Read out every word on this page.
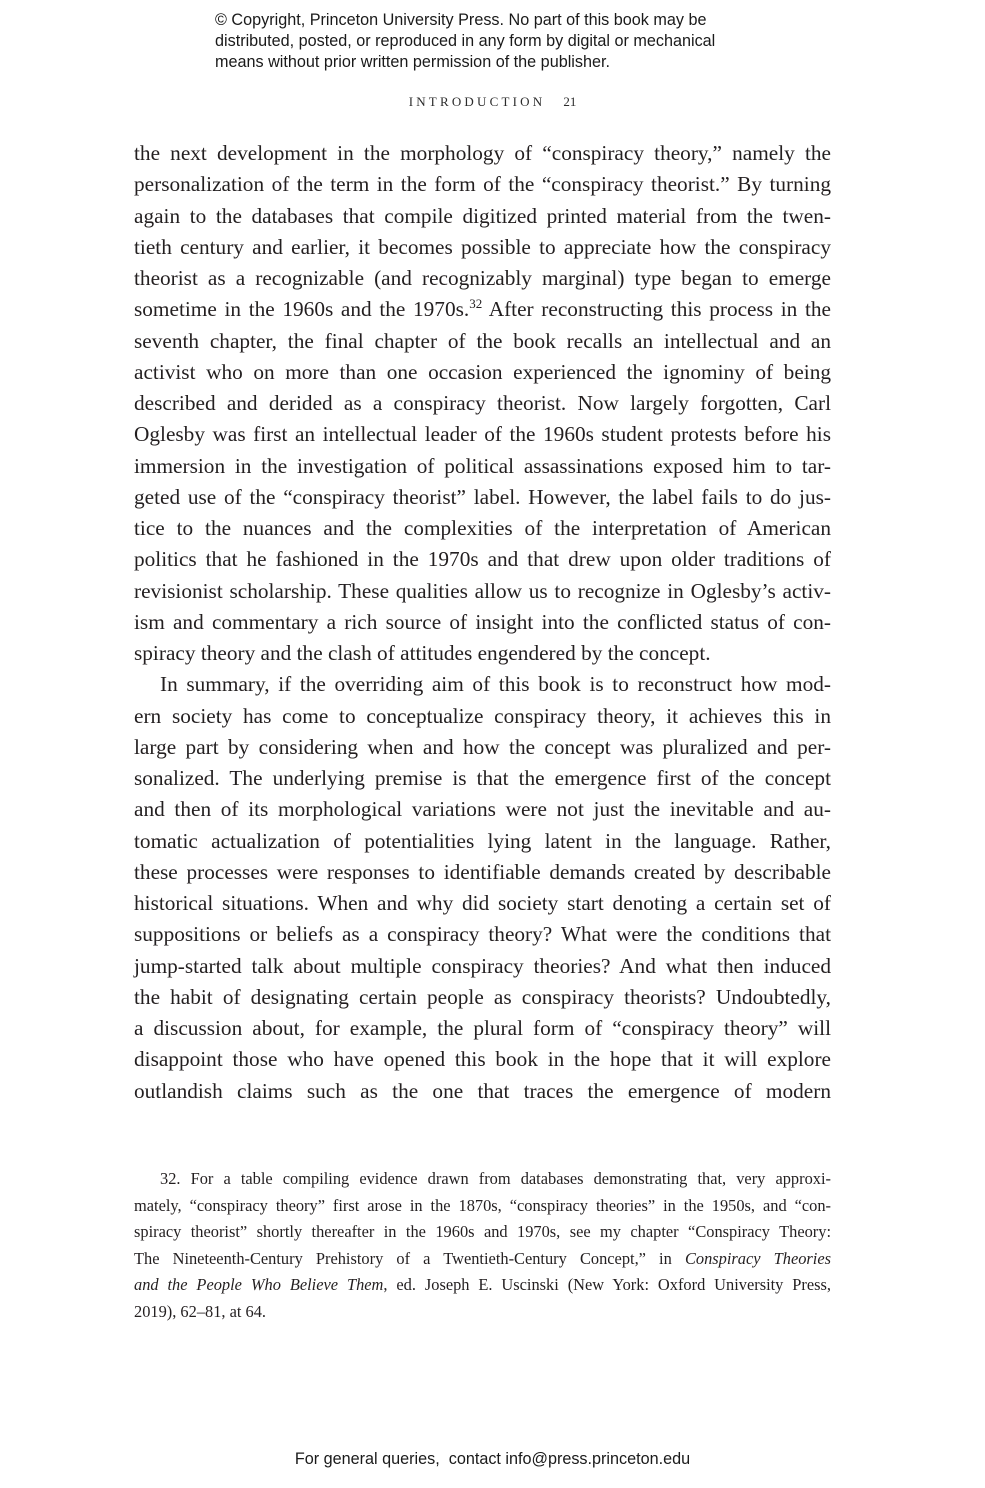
© Copyright, Princeton University Press. No part of this book may be
distributed, posted, or reproduced in any form by digital or mechanical
means without prior written permission of the publisher.
INTRODUCTION 21
the next development in the morphology of “conspiracy theory,” namely the
personalization of the term in the form of the “conspiracy theorist.” By turning
again to the databases that compile digitized printed material from the twen-
tieth century and earlier, it becomes possible to appreciate how the conspiracy
theorist as a recognizable (and recognizably marginal) type began to emerge
sometime in the 1960s and the 1970s.$^{32}$ After reconstructing this process in the
seventh chapter, the final chapter of the book recalls an intellectual and an
activist who on more than one occasion experienced the ignominy of being
described and derided as a conspiracy theorist. Now largely forgotten, Carl
Oglesby was first an intellectual leader of the 1960s student protests before his
immersion in the investigation of political assassinations exposed him to tar-
geted use of the “conspiracy theorist” label. However, the label fails to do jus-
tice to the nuances and the complexities of the interpretation of American
politics that he fashioned in the 1970s and that drew upon older traditions of
revisionist scholarship. These qualities allow us to recognize in Oglesby’s activ-
ism and commentary a rich source of insight into the conflicted status of con-
spiracy theory and the clash of attitudes engendered by the concept.
In summary, if the overriding aim of this book is to reconstruct how mod-
ern society has come to conceptualize conspiracy theory, it achieves this in
large part by considering when and how the concept was pluralized and per-
sonalized. The underlying premise is that the emergence first of the concept
and then of its morphological variations were not just the inevitable and au-
tomatic actualization of potentialities lying latent in the language. Rather,
these processes were responses to identifiable demands created by describable
historical situations. When and why did society start denoting a certain set of
suppositions or beliefs as a conspiracy theory? What were the conditions that
jump-started talk about multiple conspiracy theories? And what then induced
the habit of designating certain people as conspiracy theorists? Undoubtedly,
a discussion about, for example, the plural form of “conspiracy theory” will
disappoint those who have opened this book in the hope that it will explore
outlandish claims such as the one that traces the emergence of modern
32. For a table compiling evidence drawn from databases demonstrating that, very approxi-
mately, “conspiracy theory” first arose in the 1870s, “conspiracy theories” in the 1950s, and “con-
spiracy theorist” shortly thereafter in the 1960s and 1970s, see my chapter “Conspiracy Theory:
The Nineteenth-Century Prehistory of a Twentieth-Century Concept,” in Conspiracy Theories
and the People Who Believe Them, ed. Joseph E. Uscinski (New York: Oxford University Press,
2019), 62–81, at 64.
For general queries,  contact info@press.princeton.edu
